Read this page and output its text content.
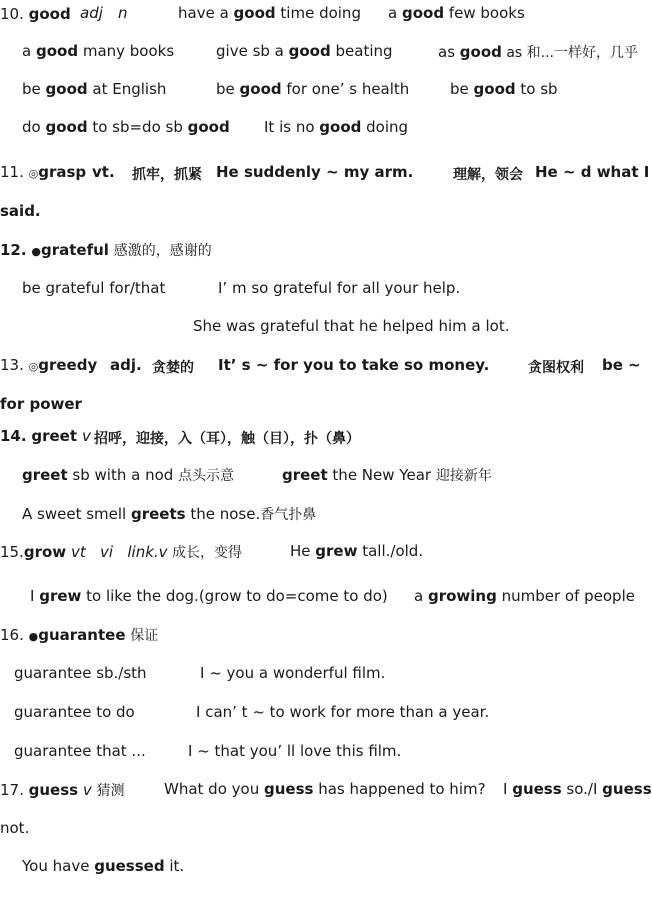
10. good adj n	have a good time doing a good few books
a good many books	give sb a good beating	as good as 和...一样好，几乎
be good at English	be good for one’ s health	be good to sb
do good to sb=do sb good It is no good doing
11. ◎grasp vt. 抓牢，抓紧 He suddenly ~ my arm.	理解，领会 He ~ d what I
said.
12. ●grateful 感激的，感谢的
be grateful for/that	I’ m so grateful for all your help.
She was grateful that he helped him a lot.
13. ◎greedy adj. 贪婪的 It’ s ~ for you to take so money.	贪图权利 be ~
for power
14. greet v 招呼，迎接，入（耳），触（目），扑（鼻）
greet sb with a nod 点头示意	greet the New Year 迎接新年
A sweet smell greets the nose.香气扑鼻
15.grow vt   vi   link.v 成长，变得	He grew tall./old.
I grew to like the dog.(grow to do=come to do) a growing number of people
16. ●guarantee 保证
guarantee sb./sth	I ~ you a wonderful film.
guarantee to do	I can’ t ~ to work for more than a year.
guarantee that ...	I ~ that you’ ll love this film.
17. guess v 猜测	What do you guess has happened to him? I guess so./I guess
not.
You have guessed it.
